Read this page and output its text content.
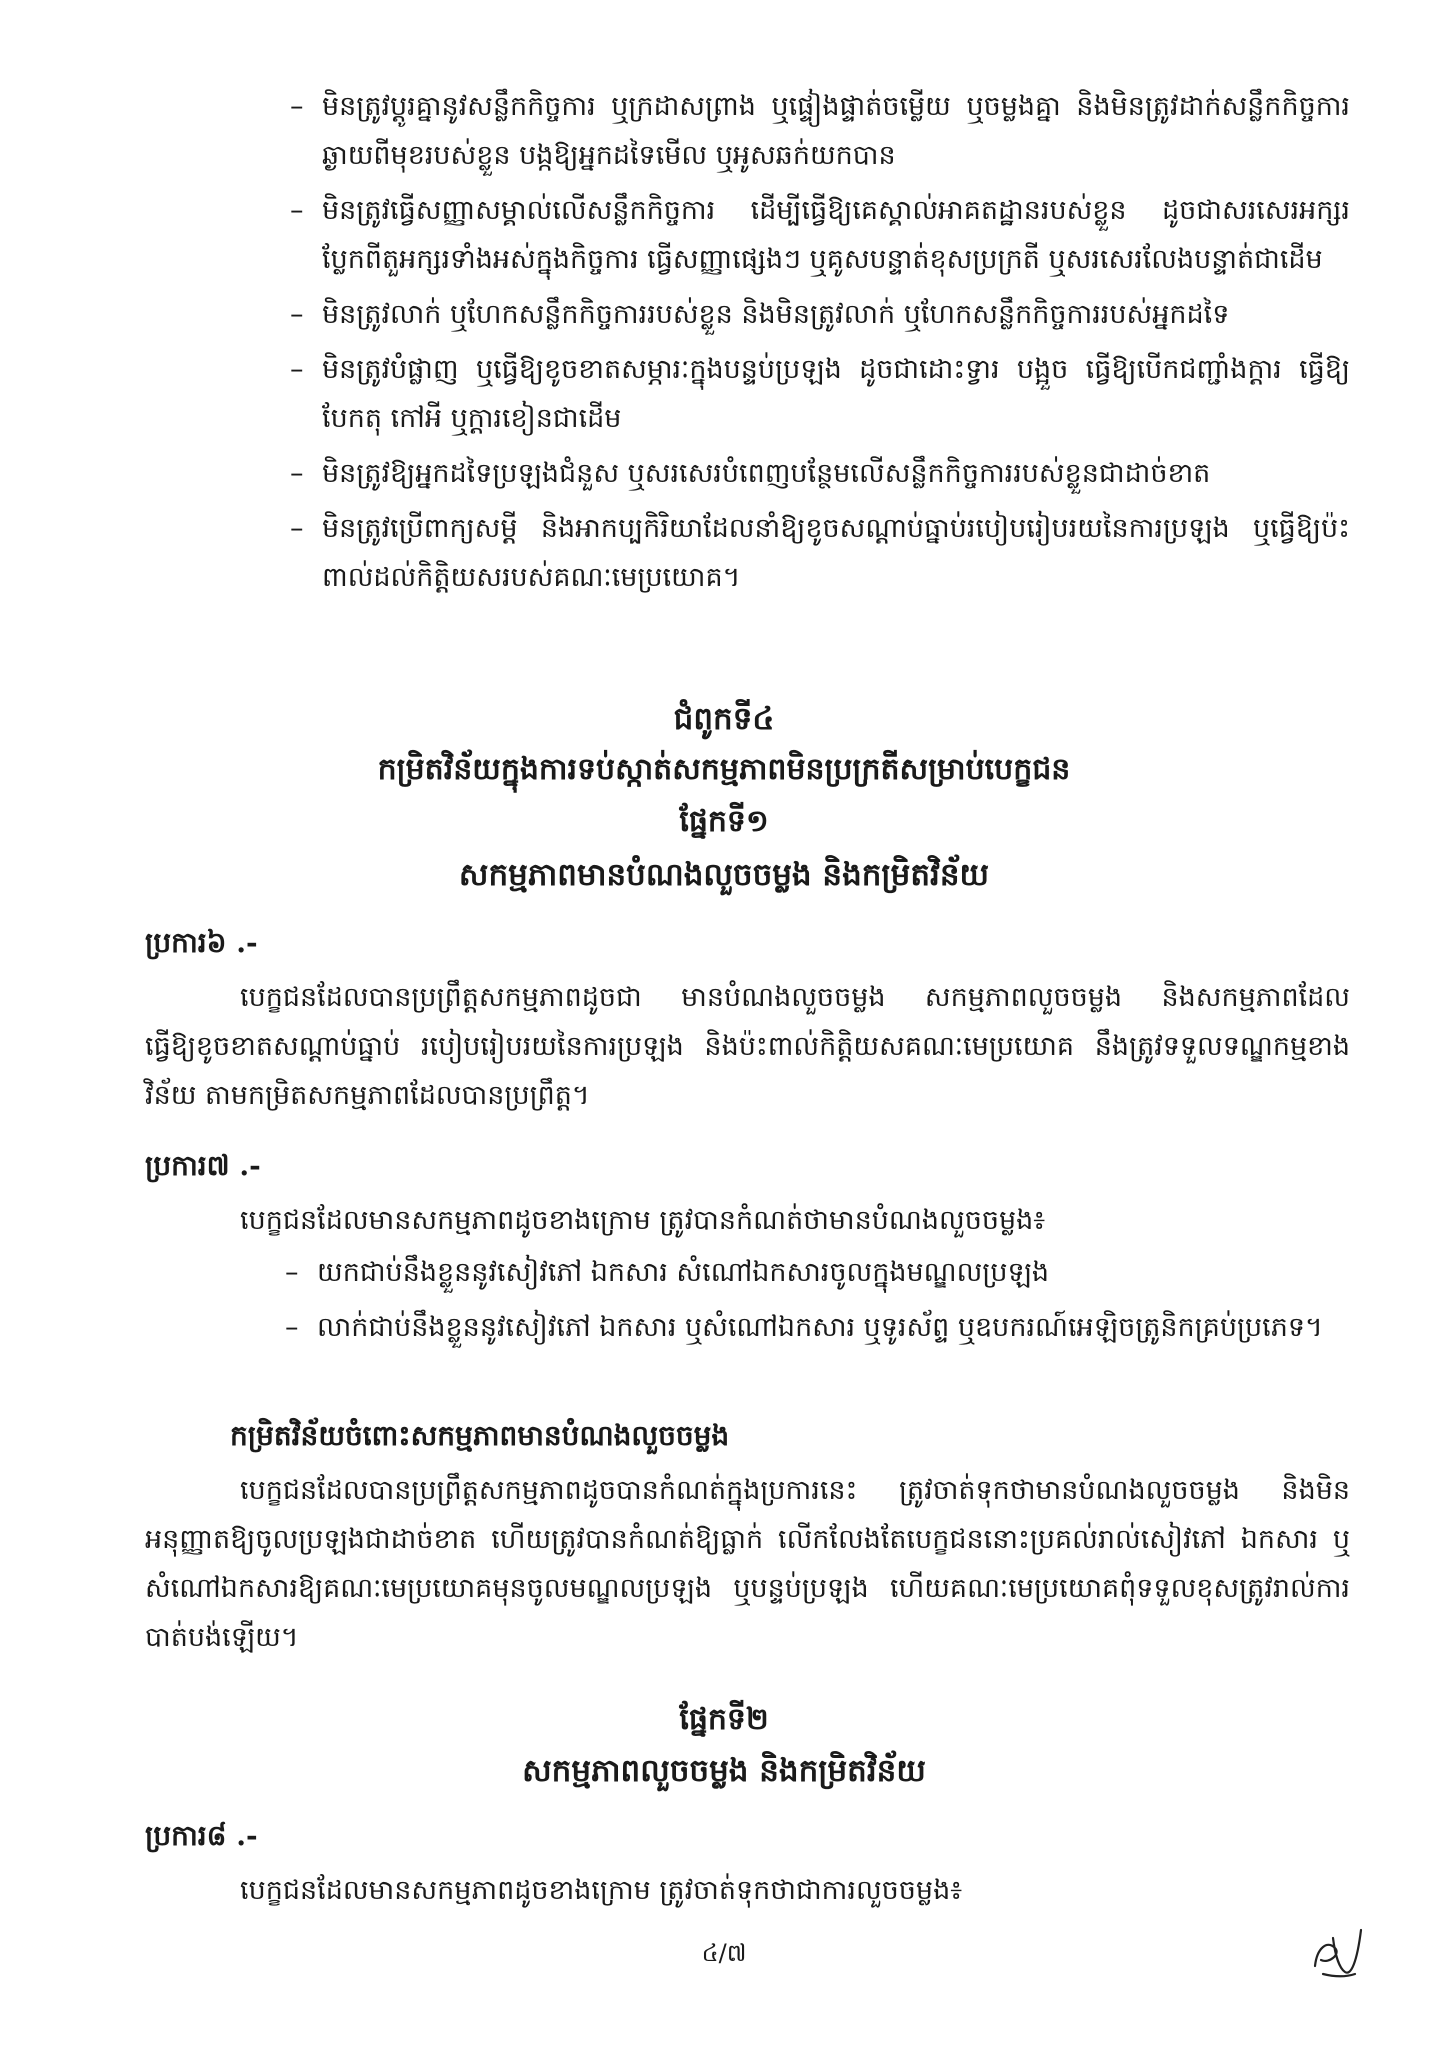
– មិនត្រូវប្តូរគ្នានូវសន្លឹកកិច្ចការ ឬក្រដាសព្រាង ឬផ្ទៀងផ្ទាត់ចម្លើយ ឬចម្លងគ្នា និងមិនត្រូវដាក់សន្លឹកកិច្ចការឆ្ងាយពីមុខរបស់ខ្លួន បង្កឱ្យអ្នកដទៃមើល ឬអូសឆក់យកបាន
– មិនត្រូវធ្វើសញ្ញាសម្គាល់លើសន្លឹកកិច្ចការ ដើម្បីធ្វើឱ្យគេស្គាល់អាគតដ្ឋានរបស់ខ្លួន ដូចជាសរសេរអក្សរប្លែកពីតួអក្សរទាំងអស់ក្នុងកិច្ចការ ធ្វើសញ្ញាផ្សេងៗ ឬគូសបន្ទាត់ខុសប្រក្រតី ឬសរសេរលែងបន្ទាត់ជាដើម
– មិនត្រូវលាក់ ឬហែកសន្លឹកកិច្ចការរបស់ខ្លួន និងមិនត្រូវលាក់ ឬហែកសន្លឹកកិច្ចការរបស់អ្នកដទៃ
– មិនត្រូវបំផ្លាញ ឬធ្វើឱ្យខូចខាតសម្ភារៈក្នុងបន្ទប់ប្រឡង ដូចជាដោះទ្វារ បង្អួច ធ្វើឱ្យបើកជញ្ជាំងក្តារ ធ្វើឱ្យបែកតុ កៅអី ឬក្តារខៀនជាដើម
– មិនត្រូវឱ្យអ្នកដទៃប្រឡងជំនួស ឬសរសេរបំពេញបន្ថែមលើសន្លឹកកិច្ចការរបស់ខ្លួនជាដាច់ខាត
– មិនត្រូវប្រើពាក្យសម្តី និងអាកប្បកិរិយាដែលនាំឱ្យខូចសណ្តាប់ធ្នាប់របៀបរៀបរយនៃការប្រឡង ឬធ្វើឱ្យប៉ះពាល់ដល់កិត្តិយសរបស់គណៈមេប្រយោគ។
ជំពូកទី៤
កម្រិតវិន័យក្នុងការទប់ស្កាត់សកម្មភាពមិនប្រក្រតីសម្រាប់បេក្ខជន
ផ្នែកទី១
សកម្មភាពមានបំណងលួចចម្លង និងកម្រិតវិន័យ
ប្រការ៦ .-
បេក្ខជនដែលបានប្រព្រឹត្តសកម្មភាពដូចជា មានបំណងលួចចម្លង សកម្មភាពលួចចម្លង និងសកម្មភាពដែលធ្វើឱ្យខូចខាតសណ្តាប់ធ្នាប់ របៀបរៀបរយនៃការប្រឡង និងប៉ះពាល់កិត្តិយសគណៈមេប្រយោគ នឹងត្រូវទទួលទណ្ឌកម្មខាងវិន័យ តាមកម្រិតសកម្មភាពដែលបានប្រព្រឹត្ត។
ប្រការ៧ .-
បេក្ខជនដែលមានសកម្មភាពដូចខាងក្រោម ត្រូវបានកំណត់ថាមានបំណងលួចចម្លង៖
– យកជាប់នឹងខ្លួននូវសៀវភៅ ឯកសារ សំណៅឯកសារចូលក្នុងមណ្ឌលប្រឡង
– លាក់ជាប់នឹងខ្លួននូវសៀវភៅ ឯកសារ ឬសំណៅឯកសារ ឬទូរស័ព្ទ ឬឧបករណ៍អេឡិចត្រូនិកគ្រប់ប្រភេទ។
កម្រិតវិន័យចំពោះសកម្មភាពមានបំណងលួចចម្លង
បេក្ខជនដែលបានប្រព្រឹត្តសកម្មភាពដូចបានកំណត់ក្នុងប្រការនេះ ត្រូវចាត់ទុកថាមានបំណងលួចចម្លង និងមិនអនុញ្ញាតឱ្យចូលប្រឡងជាដាច់ខាត ហើយត្រូវបានកំណត់ឱ្យធ្លាក់ លើកលែងតែបេក្ខជននោះប្រគល់រាល់សៀវភៅ ឯកសារ ឬសំណៅឯកសារឱ្យគណៈមេប្រយោគមុនចូលមណ្ឌលប្រឡង ឬបន្ទប់ប្រឡង ហើយគណៈមេប្រយោគពុំទទួលខុសត្រូវរាល់ការបាត់បង់ឡើយ។
ផ្នែកទី២
សកម្មភាពលួចចម្លង និងកម្រិតវិន័យ
ប្រការ៨ .-
បេក្ខជនដែលមានសកម្មភាពដូចខាងក្រោម ត្រូវចាត់ទុកថាជាការលួចចម្លង៖
៤/៧
